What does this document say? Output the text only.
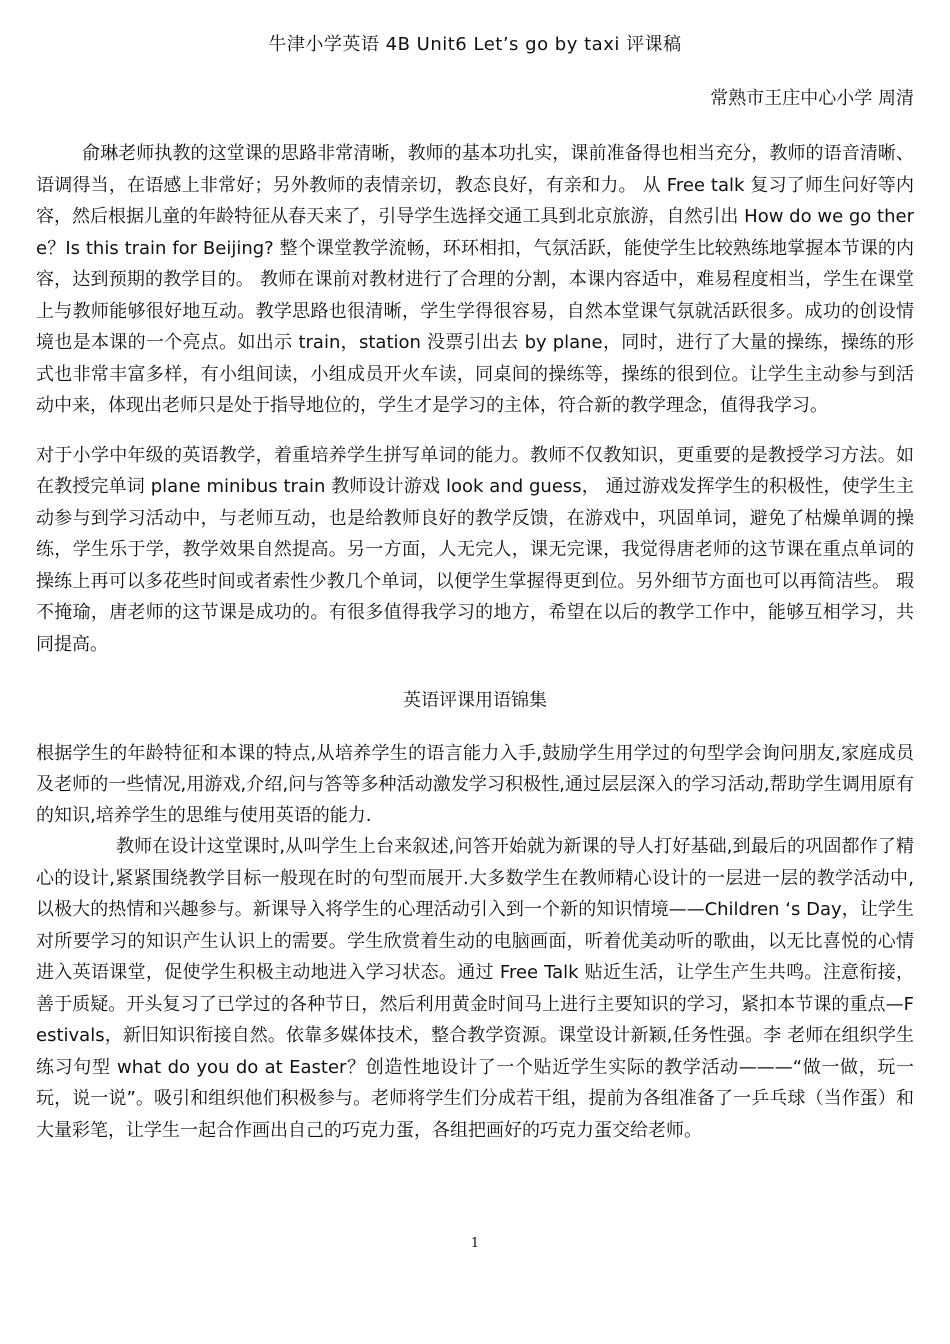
牛津小学英语 4B Unit6 Let’s go by taxi 评课稿
常熟市王庄中心小学 周清

俞琳老师执教的这堂课的思路非常清晰，教师的基本功扎实，课前准备得也相当充分，教师的语音清晰、语调得当，在语感上非常好；另外教师的表情亲切，教态良好，有亲和力。 从 Free talk 复习了师生问好等内容，然后根据儿童的年龄特征从春天来了，引导学生选择交通工具到北京旅游，自然引出 How do we go there？Is this train for Beijing? 整个课堂教学流畅，环环相扣，气氛活跃，能使学生比较熟练地掌握本节课的内容，达到预期的教学目的。 教师在课前对教材进行了合理的分割，本课内容适中，难易程度相当，学生在课堂上与教师能够很好地互动。教学思路也很清晰，学生学得很容易，自然本堂课气氛就活跃很多。成功的创设情境也是本课的一个亮点。如出示 train，station 没票引出去 by plane，同时，进行了大量的操练，操练的形式也非常丰富多样，有小组间读，小组成员开火车读，同桌间的操练等，操练的很到位。让学生主动参与到活动中来，体现出老师只是处于指导地位的，学生才是学习的主体，符合新的教学理念，值得我学习。

对于小学中年级的英语教学，着重培养学生拼写单词的能力。教师不仅教知识，更重要的是教授学习方法。如在教授完单词 plane minibus train 教师设计游戏 look and guess， 通过游戏发挥学生的积极性，使学生主动参与到学习活动中，与老师互动，也是给教师良好的教学反馈，在游戏中，巩固单词，避免了枯燥单调的操练，学生乐于学，教学效果自然提高。另一方面，人无完人，课无完课，我觉得唐老师的这节课在重点单词的操练上再可以多花些时间或者索性少教几个单词，以便学生掌握得更到位。另外细节方面也可以再简洁些。 瑕不掩瑜，唐老师的这节课是成功的。有很多值得我学习的地方，希望在以后的教学工作中，能够互相学习，共同提高。

英语评课用语锦集

根据学生的年龄特征和本课的特点,从培养学生的语言能力入手,鼓励学生用学过的句型学会询问朋友,家庭成员及老师的一些情况,用游戏,介绍,问与答等多种活动激发学习积极性,通过层层深入的学习活动,帮助学生调用原有的知识,培养学生的思维与使用英语的能力.

教师在设计这堂课时,从叫学生上台来叙述,问答开始就为新课的导人打好基础,到最后的巩固都作了精心的设计,紧紧围绕教学目标一般现在时的句型而展开.大多数学生在教师精心设计的一层进一层的教学活动中,以极大的热情和兴趣参与。新课导入将学生的心理活动引入到一个新的知识情境——Children ‘s Day，让学生对所要学习的知识产生认识上的需要。学生欣赏着生动的电脑画面，听着优美动听的歌曲，以无比喜悦的心情进入英语课堂，促使学生积极主动地进入学习状态。通过 Free Talk 贴近生活，让学生产生共鸣。注意衔接，善于质疑。开头复习了已学过的各种节日，然后利用黄金时间马上进行主要知识的学习，紧扣本节课的重点—Festivals，新旧知识衔接自然。依靠多媒体技术，整合教学资源。课堂设计新颖,任务性强。李 老师在组织学生练习句型 what do you do at Easter？创造性地设计了一个贴近学生实际的教学活动———“做一做，玩一玩，说一说”。吸引和组织他们积极参与。老师将学生们分成若干组，提前为各组准备了一乒乓球（当作蛋）和大量彩笔，让学生一起合作画出自己的巧克力蛋，各组把画好的巧克力蛋交给老师。

1
